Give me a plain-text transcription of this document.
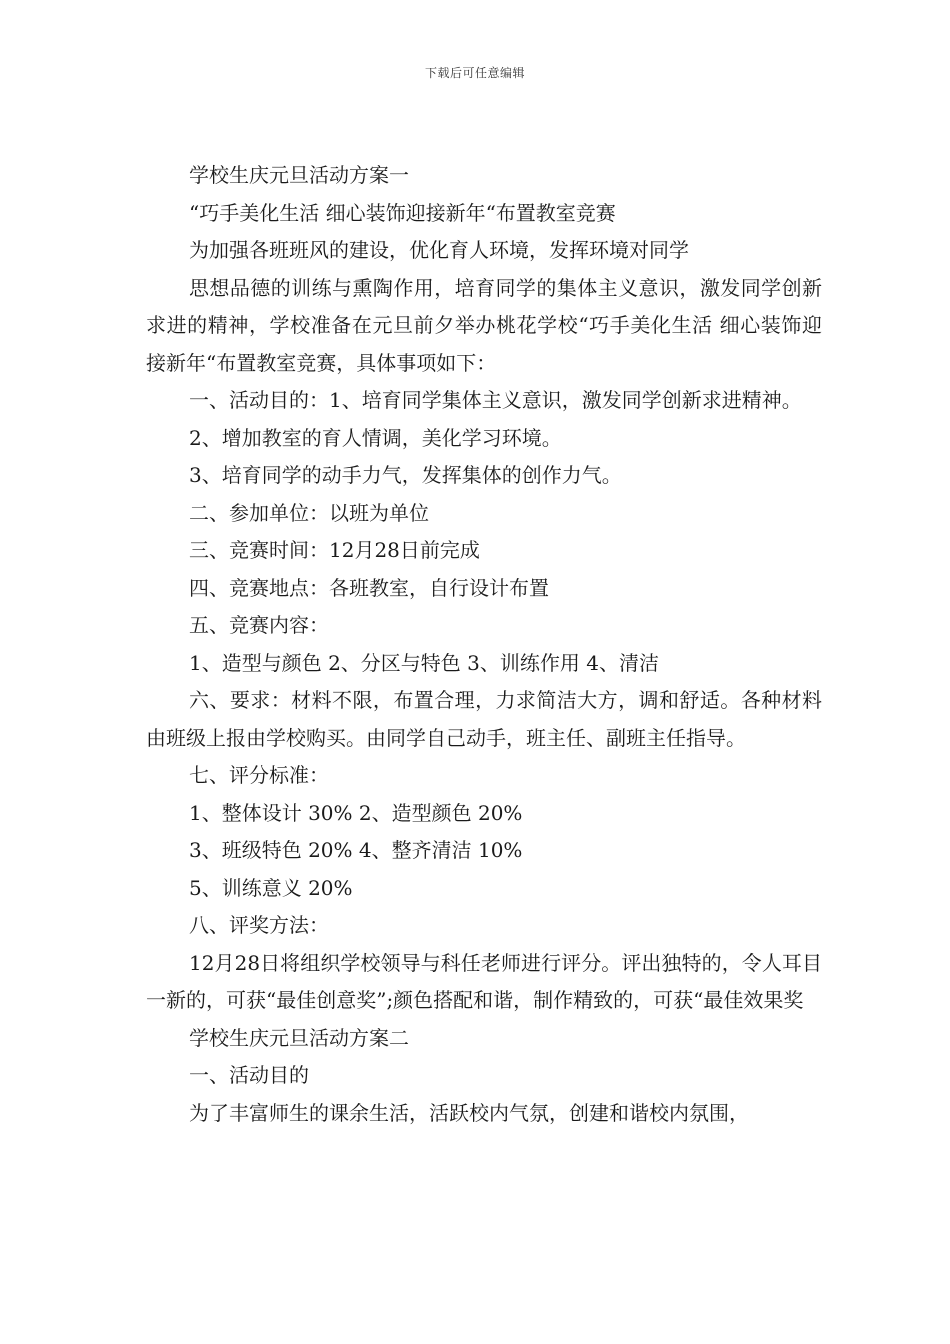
下载后可任意编辑

学校生庆元旦活动方案一

“巧手美化生活 细心装饰迎接新年“布置教室竞赛

为加强各班班风的建设，优化育人环境，发挥环境对同学

思想品德的训练与熏陶作用，培育同学的集体主义意识，激发同学创新求进的精神，学校准备在元旦前夕举办桃花学校“巧手美化生活 细心装饰迎接新年“布置教室竞赛，具体事项如下：

一、活动目的：1、培育同学集体主义意识，激发同学创新求进精神。

2、增加教室的育人情调，美化学习环境。

3、培育同学的动手力气，发挥集体的创作力气。

二、参加单位：以班为单位

三、竞赛时间：12月28日前完成

四、竞赛地点：各班教室，自行设计布置

五、竞赛内容：

1、造型与颜色 2、分区与特色 3、训练作用 4、清洁

六、要求：材料不限，布置合理，力求简洁大方，调和舒适。各种材料由班级上报由学校购买。由同学自己动手，班主任、副班主任指导。

七、评分标准：

1、整体设计 30% 2、造型颜色 20%

3、班级特色 20% 4、整齐清洁 10%

5、训练意义 20%

八、评奖方法：

12月28日将组织学校领导与科任老师进行评分。评出独特的，令人耳目一新的，可获“最佳创意奖”;颜色搭配和谐，制作精致的，可获“最佳效果奖

学校生庆元旦活动方案二

一、活动目的

为了丰富师生的课余生活，活跃校内气氛，创建和谐校内氛围，
